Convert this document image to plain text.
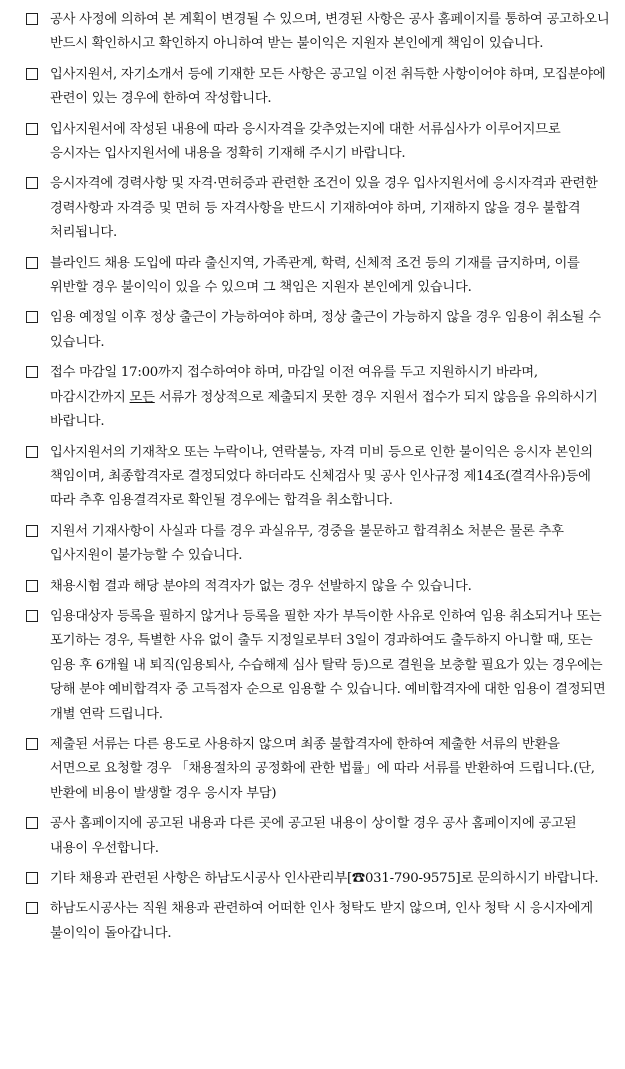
공사 사정에 의하여 본 계획이 변경될 수 있으며, 변경된 사항은 공사 홈페이지를 통하여 공고하오니 반드시 확인하시고 확인하지 아니하여 받는 불이익은 지원자 본인에게 책임이 있습니다.
입사지원서, 자기소개서 등에 기재한 모든 사항은 공고일 이전 취득한 사항이어야 하며, 모집분야에 관련이 있는 경우에 한하여 작성합니다.
입사지원서에 작성된 내용에 따라 응시자격을 갖추었는지에 대한 서류심사가 이루어지므로 응시자는 입사지원서에 내용을 정확히 기재해 주시기 바랍니다.
응시자격에 경력사항 및 자격·면허증과 관련한 조건이 있을 경우 입사지원서에 응시자격과 관련한 경력사항과 자격증 및 면허 등 자격사항을 반드시 기재하여야 하며, 기재하지 않을 경우 불합격 처리됩니다.
블라인드 채용 도입에 따라 출신지역, 가족관계, 학력, 신체적 조건 등의 기재를 금지하며, 이를 위반할 경우 불이익이 있을 수 있으며 그 책임은 지원자 본인에게 있습니다.
임용 예정일 이후 정상 출근이 가능하여야 하며, 정상 출근이 가능하지 않을 경우 임용이 취소될 수 있습니다.
접수 마감일 17:00까지 접수하여야 하며, 마감일 이전 여유를 두고 지원하시기 바라며, 마감시간까지 모든 서류가 정상적으로 제출되지 못한 경우 지원서 접수가 되지 않음을 유의하시기 바랍니다.
입사지원서의 기재착오 또는 누락이나, 연락불능, 자격 미비 등으로 인한 불이익은 응시자 본인의 책임이며, 최종합격자로 결정되었다 하더라도 신체검사 및 공사 인사규정 제14조(결격사유)등에 따라 추후 임용결격자로 확인될 경우에는 합격을 취소합니다.
지원서 기재사항이 사실과 다를 경우 과실유무, 경중을 불문하고 합격취소 처분은 물론 추후 입사지원이 불가능할 수 있습니다.
채용시험 결과 해당 분야의 적격자가 없는 경우 선발하지 않을 수 있습니다.
임용대상자 등록을 필하지 않거나 등록을 필한 자가 부득이한 사유로 인하여 임용 취소되거나 또는 포기하는 경우, 특별한 사유 없이 출두 지정일로부터 3일이 경과하여도 출두하지 아니할 때, 또는 임용 후 6개월 내 퇴직(임용퇴사, 수습해제 심사 탈락 등)으로 결원을 보충할 필요가 있는 경우에는 당해 분야 예비합격자 중 고득점자 순으로 임용할 수 있습니다. 예비합격자에 대한 임용이 결정되면 개별 연락 드립니다.
제출된 서류는 다른 용도로 사용하지 않으며 최종 불합격자에 한하여 제출한 서류의 반환을 서면으로 요청할 경우 「채용절차의 공정화에 관한 법률」에 따라 서류를 반환하여 드립니다.(단, 반환에 비용이 발생할 경우 응시자 부담)
공사 홈페이지에 공고된 내용과 다른 곳에 공고된 내용이 상이할 경우 공사 홈페이지에 공고된 내용이 우선합니다.
기타 채용과 관련된 사항은 하남도시공사 인사관리부[☎031-790-9575]로 문의하시기 바랍니다.
하남도시공사는 직원 채용과 관련하여 어떠한 인사 청탁도 받지 않으며, 인사 청탁 시 응시자에게 불이익이 돌아갑니다.
